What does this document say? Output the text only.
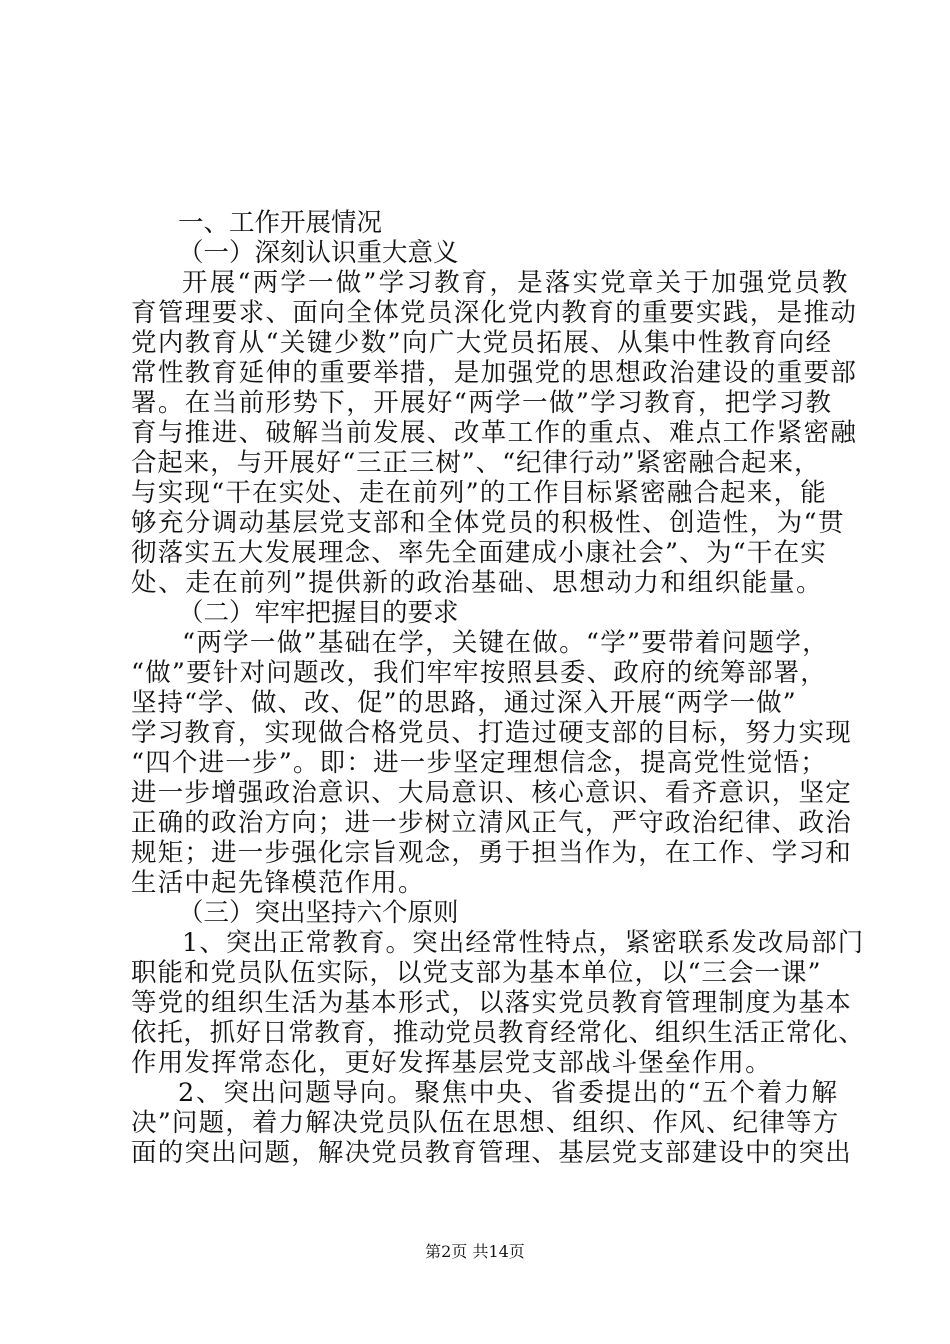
一、工作开展情况
（一）深刻认识重大意义
开展“两学一做”学习教育，是落实党章关于加强党员教
育管理要求、面向全体党员深化党内教育的重要实践，是推动
党内教育从“关键少数”向广大党员拓展、从集中性教育向经
常性教育延伸的重要举措，是加强党的思想政治建设的重要部
署。在当前形势下，开展好“两学一做”学习教育，把学习教
育与推进、破解当前发展、改革工作的重点、难点工作紧密融
合起来，与开展好“三正三树”、“纪律行动”紧密融合起来，
与实现“干在实处、走在前列”的工作目标紧密融合起来，能
够充分调动基层党支部和全体党员的积极性、创造性，为“贯
彻落实五大发展理念、率先全面建成小康社会”、为“干在实
处、走在前列”提供新的政治基础、思想动力和组织能量。
（二）牢牢把握目的要求
“两学一做”基础在学，关键在做。“学”要带着问题学，
“做”要针对问题改，我们牢牢按照县委、政府的统筹部署，
坚持“学、做、改、促”的思路，通过深入开展“两学一做”
学习教育，实现做合格党员、打造过硬支部的目标，努力实现
“四个进一步”。即：进一步坚定理想信念，提高党性觉悟；
进一步增强政治意识、大局意识、核心意识、看齐意识，坚定
正确的政治方向；进一步树立清风正气，严守政治纪律、政治
规矩；进一步强化宗旨观念，勇于担当作为，在工作、学习和
生活中起先锋模范作用。
（三）突出坚持六个原则
1、突出正常教育。突出经常性特点，紧密联系发改局部门
职能和党员队伍实际，以党支部为基本单位，以“三会一课”
等党的组织生活为基本形式，以落实党员教育管理制度为基本
依托，抓好日常教育，推动党员教育经常化、组织生活正常化、
作用发挥常态化，更好发挥基层党支部战斗堡垒作用。
2、突出问题导向。聚焦中央、省委提出的“五个着力解
决”问题，着力解决党员队伍在思想、组织、作风、纪律等方
面的突出问题，解决党员教育管理、基层党支部建设中的突出
第2页 共14页
